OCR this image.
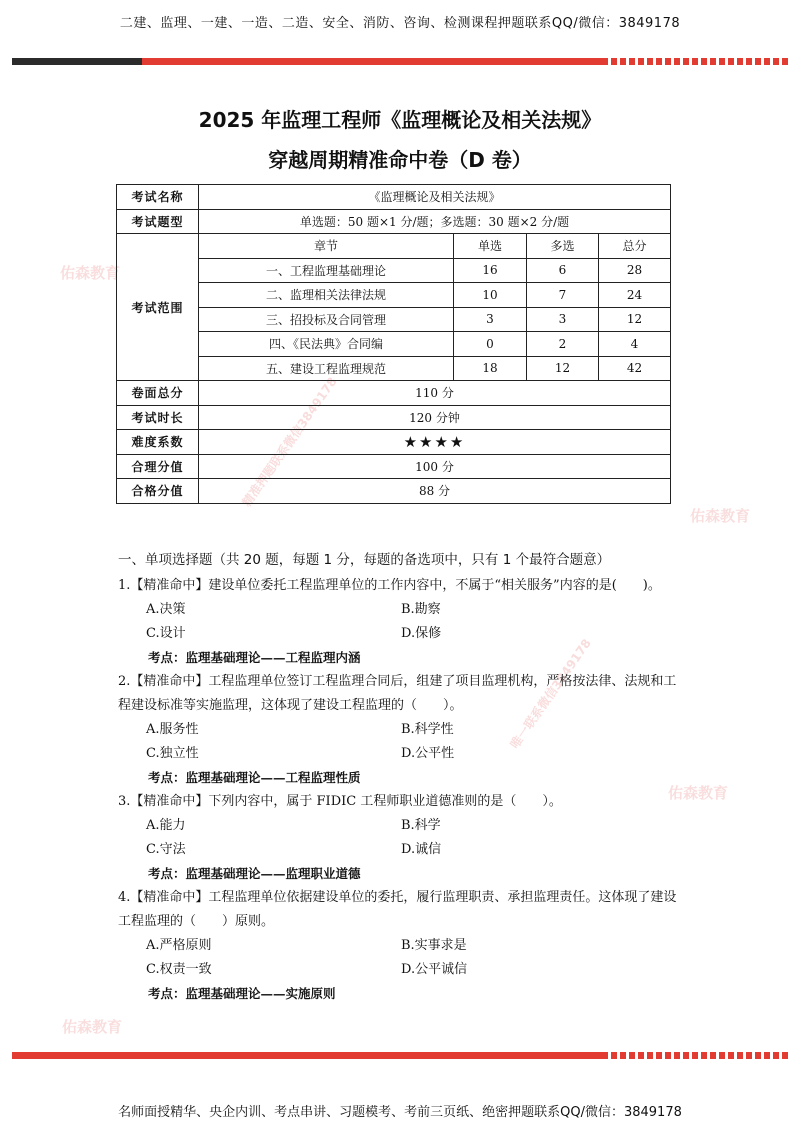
二建、监理、一建、一造、二造、安全、消防、咨询、检测课程押题联系QQ/微信：3849178
佑森教育
佑森教育
佑森教育
佑森教育
精准押题联系微信3849178
唯一联系微信3849178
2025 年监理工程师《监理概论及相关法规》
穿越周期精准命中卷（D 卷）
考试名称	《监理概论及相关法规》			
考试题型	单选题：50 题×1 分/题；多选题：30 题×2 分/题			
考试范围	章节	单选	多选	总分
	一、工程监理基础理论	16	6	28
	二、监理相关法律法规	10	7	24
	三、招投标及合同管理	3	3	12
	四、《民法典》合同编	0	2	4
	五、建设工程监理规范	18	12	42
卷面总分	110 分			
考试时长	120 分钟			
难度系数	★★★★			
合理分值	100 分			
合格分值	88 分			
一、单项选择题（共 20 题，每题 1 分，每题的备选项中，只有 1 个最符合题意）

1.【精准命中】建设单位委托工程监理单位的工作内容中，不属于“相关服务”内容的是(　　)。

A.决策	B.勘察
C.设计	D.保修
考点：监理基础理论——工程监理内涵

2.【精准命中】工程监理单位签订工程监理合同后，组建了项目监理机构，严格按法律、法规和工程建设标准等实施监理，这体现了建设工程监理的（　　）。

A.服务性	B.科学性
C.独立性	D.公平性
考点：监理基础理论——工程监理性质

3.【精准命中】下列内容中，属于 FIDIC 工程师职业道德准则的是（　　）。

A.能力	B.科学
C.守法	D.诚信
考点：监理基础理论——监理职业道德

4.【精准命中】工程监理单位依据建设单位的委托，履行监理职责、承担监理责任。这体现了建设工程监理的（　　）原则。

A.严格原则	B.实事求是
C.权责一致	D.公平诚信
考点：监理基础理论——实施原则
名师面授精华、央企内训、考点串讲、习题模考、考前三页纸、绝密押题联系QQ/微信：3849178
